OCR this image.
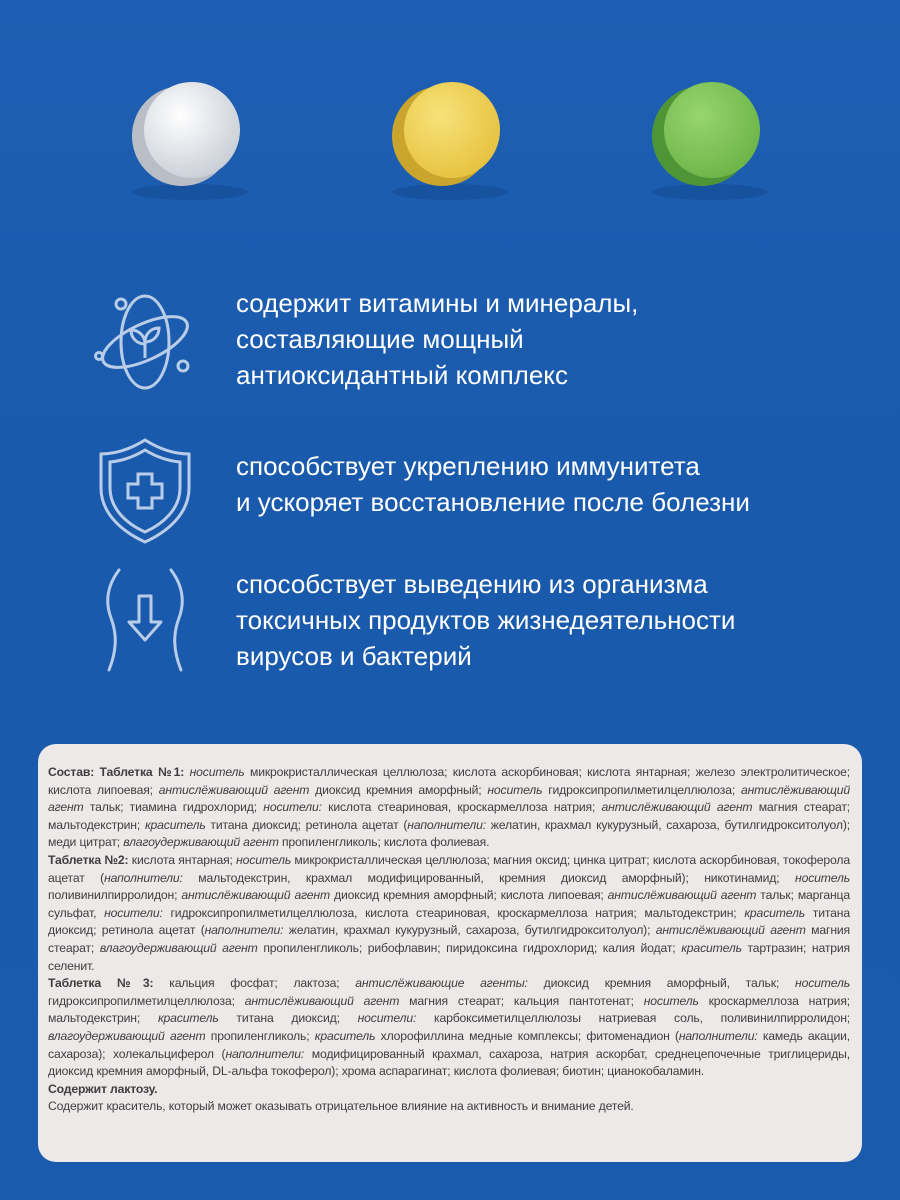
содержит витамины и минералы,
составляющие мощный
антиоксидантный комплекс
способствует укреплению иммунитета
и ускоряет восстановление после болезни
способствует выведению из организма
токсичных продуктов жизнедеятельности
вирусов и бактерий

Состав: Таблетка №1: носитель микрокристаллическая целлюлоза; кислота аскорбиновая; кислота янтарная; железо электролитическое; кислота липоевая; антислёживающий агент диоксид кремния аморфный; носитель гидроксипропилметилцеллюлоза; антислёживающий агент тальк; тиамина гидрохлорид; носители: кислота стеариновая, кроскармеллоза натрия; антислёживающий агент магния стеарат; мальтодекстрин; краситель титана диоксид; ретинола ацетат (наполнители: желатин, крахмал кукурузный, сахароза, бутилгидрокситолуол); меди цитрат; влагоудерживающий агент пропиленгликоль; кислота фолиевая.

Таблетка №2: кислота янтарная; носитель микрокристаллическая целлюлоза; магния оксид; цинка цитрат; кислота аскорбиновая, токоферола ацетат (наполнители: мальтодекстрин, крахмал модифицированный, кремния диоксид аморфный); никотинамид; носитель поливинилпирролидон; антислёживающий агент диоксид кремния аморфный; кислота липоевая; антислёживающий агент тальк; марганца сульфат, носители: гидроксипропилметилцеллюлоза, кислота стеариновая, кроскармеллоза натрия; мальтодекстрин; краситель титана диоксид; ретинола ацетат (наполнители: желатин, крахмал кукурузный, сахароза, бутилгидрокситолуол); антислёживающий агент магния стеарат; влагоудерживающий агент пропиленгликоль; рибофлавин; пиридоксина гидрохлорид; калия йодат; краситель тартразин; натрия селенит.

Таблетка №3: кальция фосфат; лактоза; антислёживающие агенты: диоксид кремния аморфный, тальк; носитель гидроксипропилметилцеллюлоза; антислёживающий агент магния стеарат; кальция пантотенат; носитель кроскармеллоза натрия; мальтодекстрин; краситель титана диоксид; носители: карбоксиметилцеллюлозы натриевая соль, поливинилпирролидон; влагоудерживающий агент пропиленгликоль; краситель хлорофиллина медные комплексы; фитоменадион (наполнители: камедь акации, сахароза); холекальциферол (наполнители: модифицированный крахмал, сахароза, натрия аскорбат, среднецепочечные триглицериды, диоксид кремния аморфный, DL-альфа токоферол); хрома аспарагинат; кислота фолиевая; биотин; цианокобаламин.

Содержит лактозу.

Содержит краситель, который может оказывать отрицательное влияние на активность и внимание детей.
